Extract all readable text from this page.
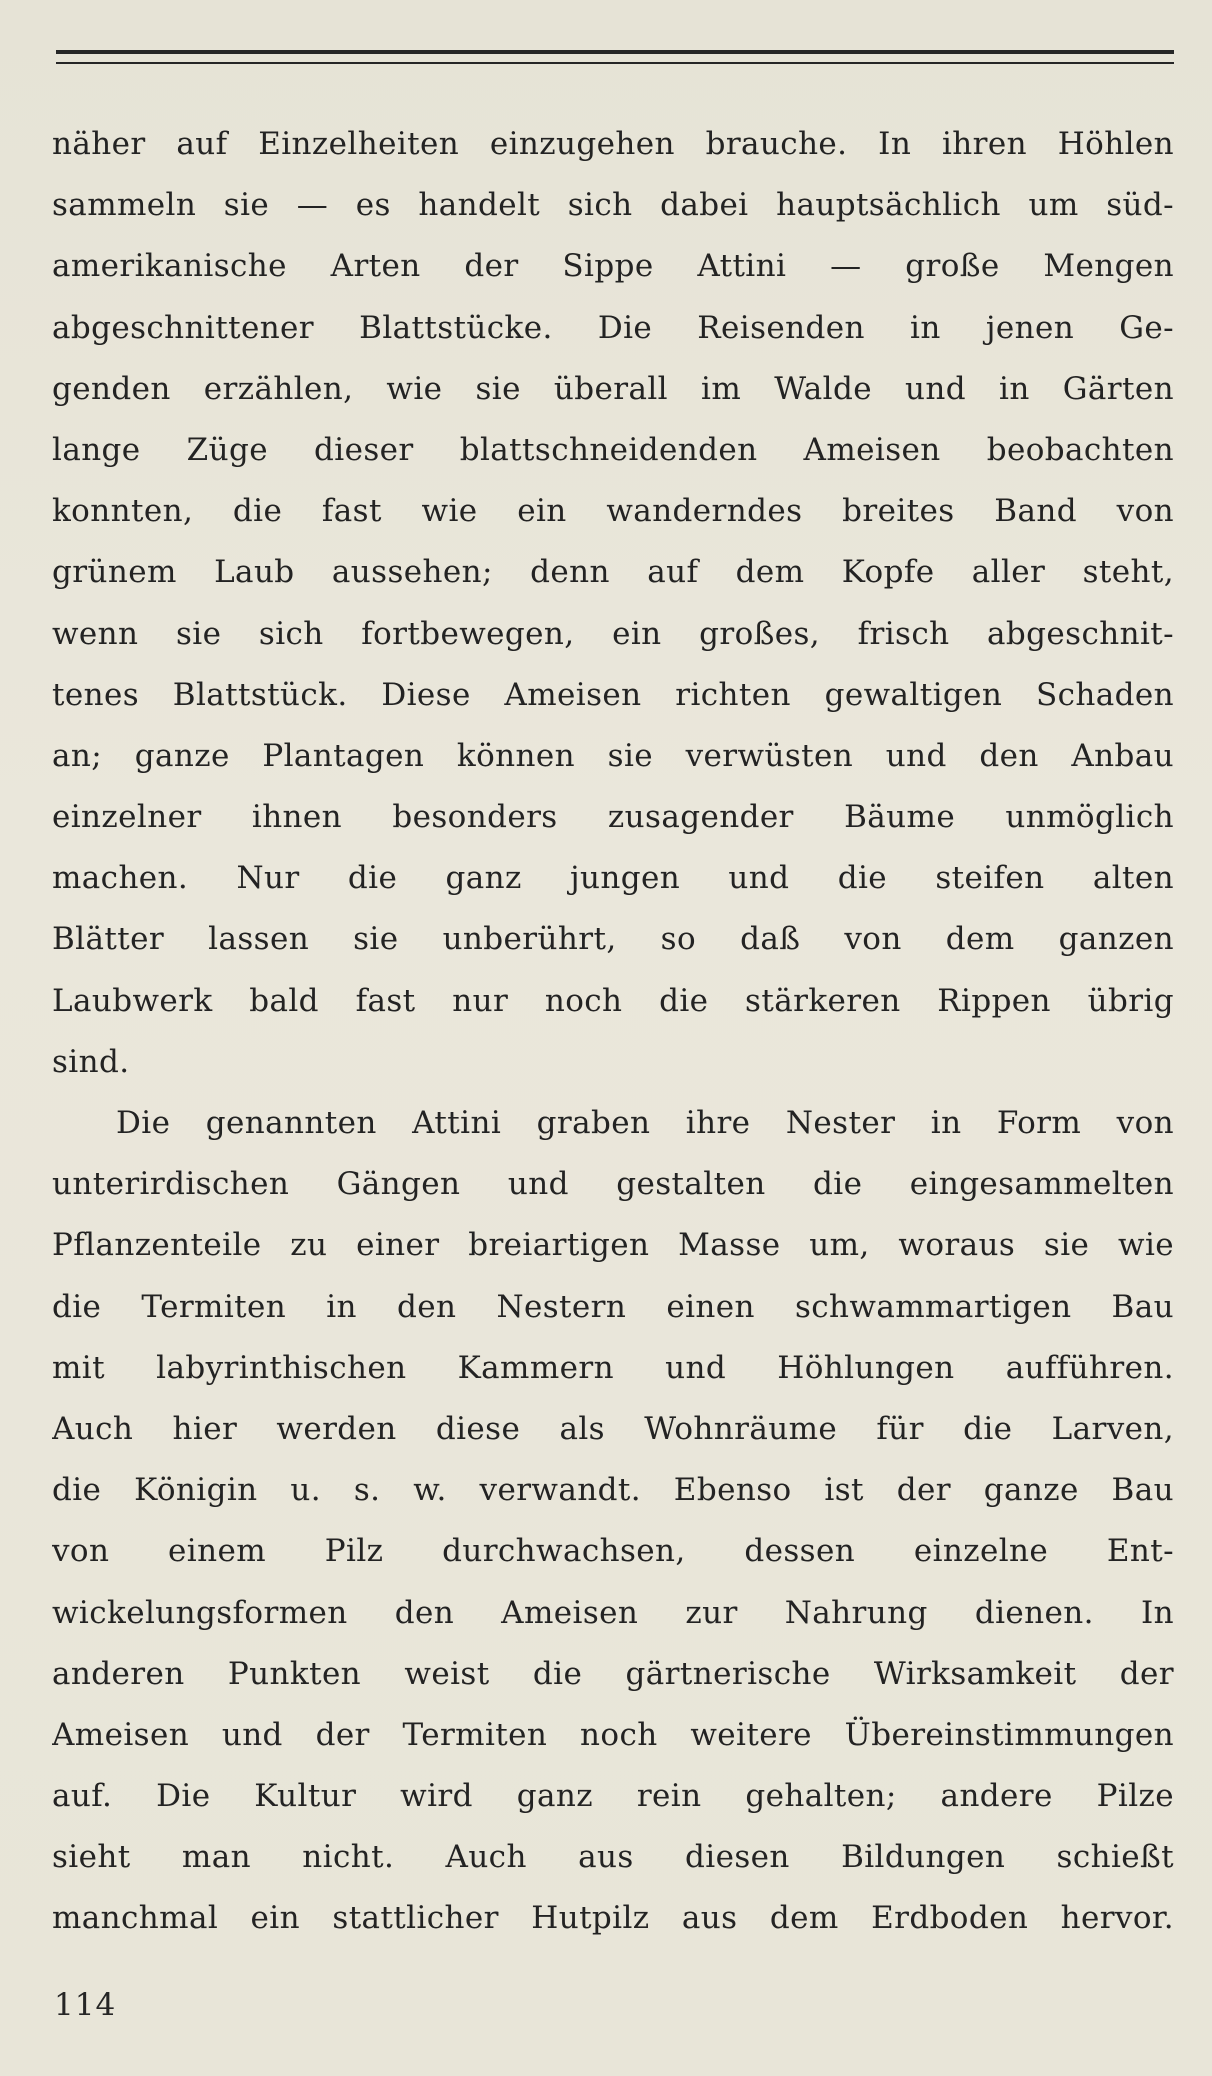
näher auf Einzelheiten einzugehen brauche. In ihren Höhlen
sammeln sie — es handelt sich dabei hauptsächlich um süd-
amerikanische Arten der Sippe Attini — große Mengen
abgeschnittener Blattstücke. Die Reisenden in jenen Ge-
genden erzählen, wie sie überall im Walde und in Gärten
lange Züge dieser blattschneidenden Ameisen beobachten
konnten, die fast wie ein wanderndes breites Band von
grünem Laub aussehen; denn auf dem Kopfe aller steht,
wenn sie sich fortbewegen, ein großes, frisch abgeschnit-
tenes Blattstück. Diese Ameisen richten gewaltigen Schaden
an; ganze Plantagen können sie verwüsten und den Anbau
einzelner ihnen besonders zusagender Bäume unmöglich
machen. Nur die ganz jungen und die steifen alten
Blätter lassen sie unberührt, so daß von dem ganzen
Laubwerk bald fast nur noch die stärkeren Rippen übrig
sind.
Die genannten Attini graben ihre Nester in Form von
unterirdischen Gängen und gestalten die eingesammelten
Pflanzenteile zu einer breiartigen Masse um, woraus sie wie
die Termiten in den Nestern einen schwammartigen Bau
mit labyrinthischen Kammern und Höhlungen aufführen.
Auch hier werden diese als Wohnräume für die Larven,
die Königin u. s. w. verwandt. Ebenso ist der ganze Bau
von einem Pilz durchwachsen, dessen einzelne Ent-
wickelungsformen den Ameisen zur Nahrung dienen. In
anderen Punkten weist die gärtnerische Wirksamkeit der
Ameisen und der Termiten noch weitere Übereinstimmungen
auf. Die Kultur wird ganz rein gehalten; andere Pilze
sieht man nicht. Auch aus diesen Bildungen schießt
manchmal ein stattlicher Hutpilz aus dem Erdboden hervor.
114
